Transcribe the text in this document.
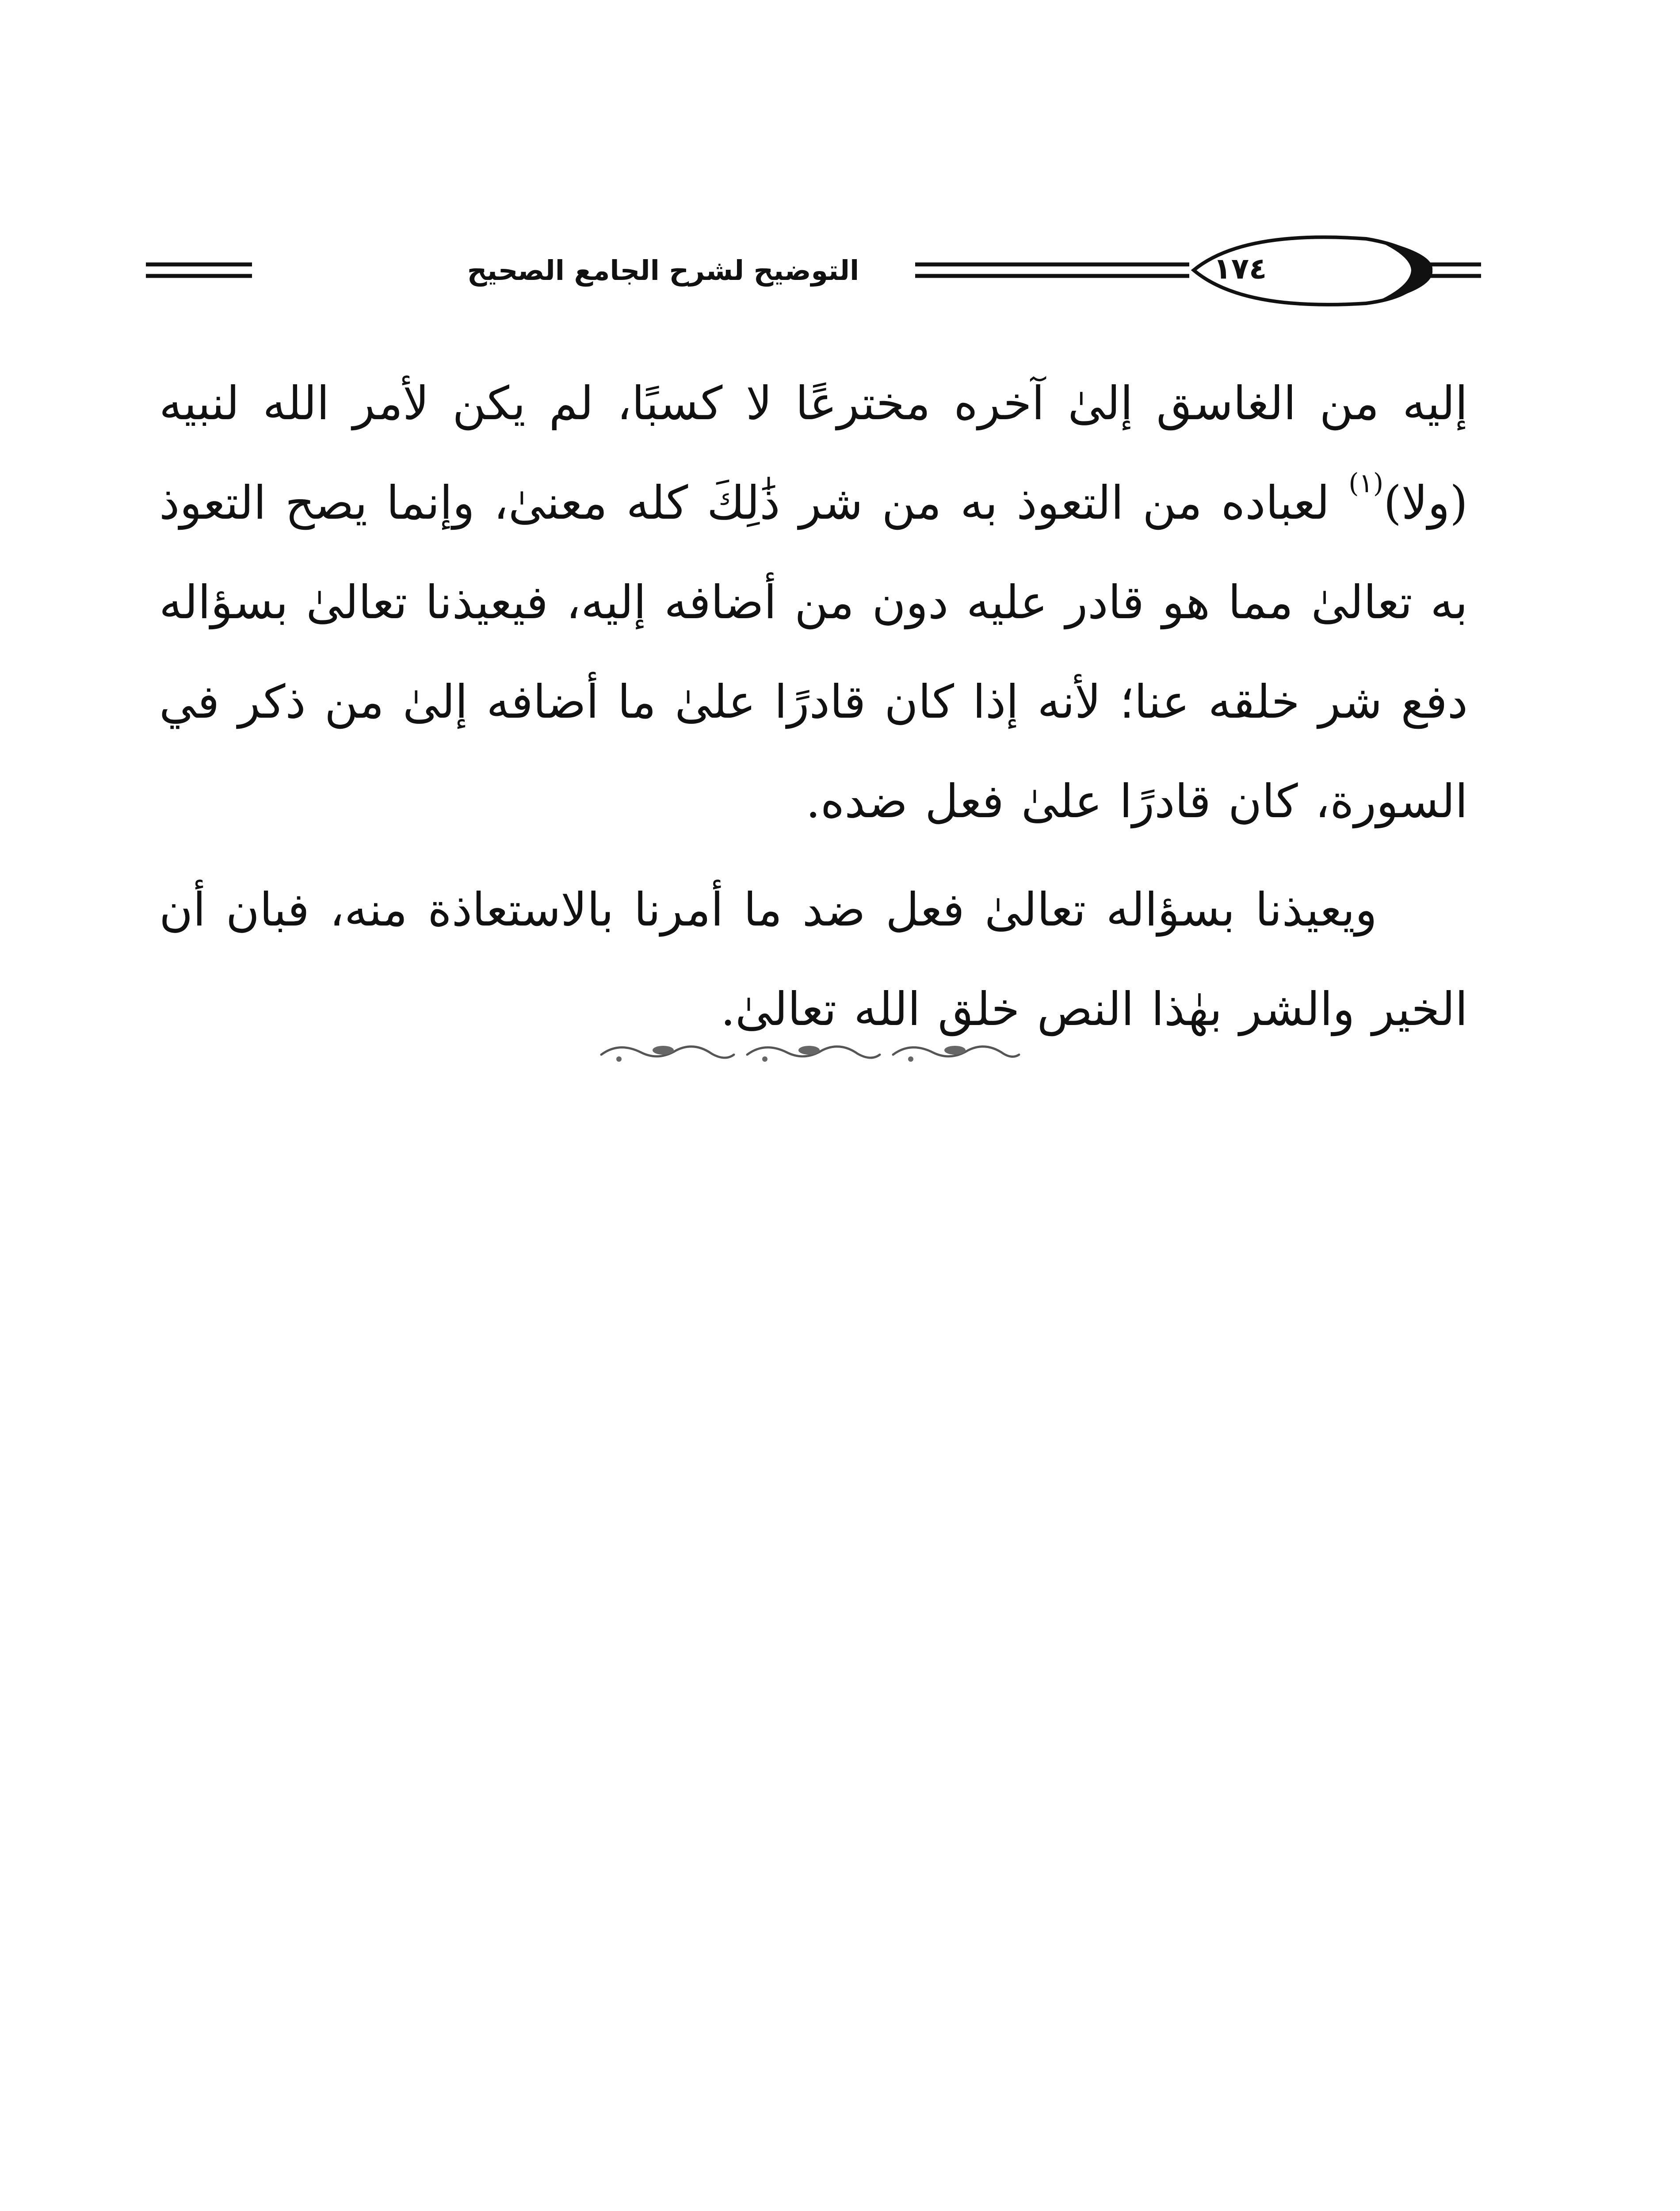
التوضيح لشرح الجامع الصحيح	١٧٤

إليه من الغاسق إلىٰ آخره مخترعًا لا كسبًا، لم يكن لأمر الله لنبيه (ولا)$^{(١)}$ لعباده من التعوذ به من شر ذَٰلِكَ كله معنىٰ، وإنما يصح التعوذ به تعالىٰ مما هو قادر عليه دون من أضافه إليه، فيعيذنا تعالىٰ بسؤاله دفع شر خلقه عنا؛ لأنه إذا كان قادرًا علىٰ ما أضافه إلىٰ من ذكر في السورة، كان قادرًا علىٰ فعل ضده.

ويعيذنا بسؤاله تعالىٰ فعل ضد ما أمرنا بالاستعاذة منه، فبان أن الخير والشر بهٰذا النص خلق الله تعالىٰ.
